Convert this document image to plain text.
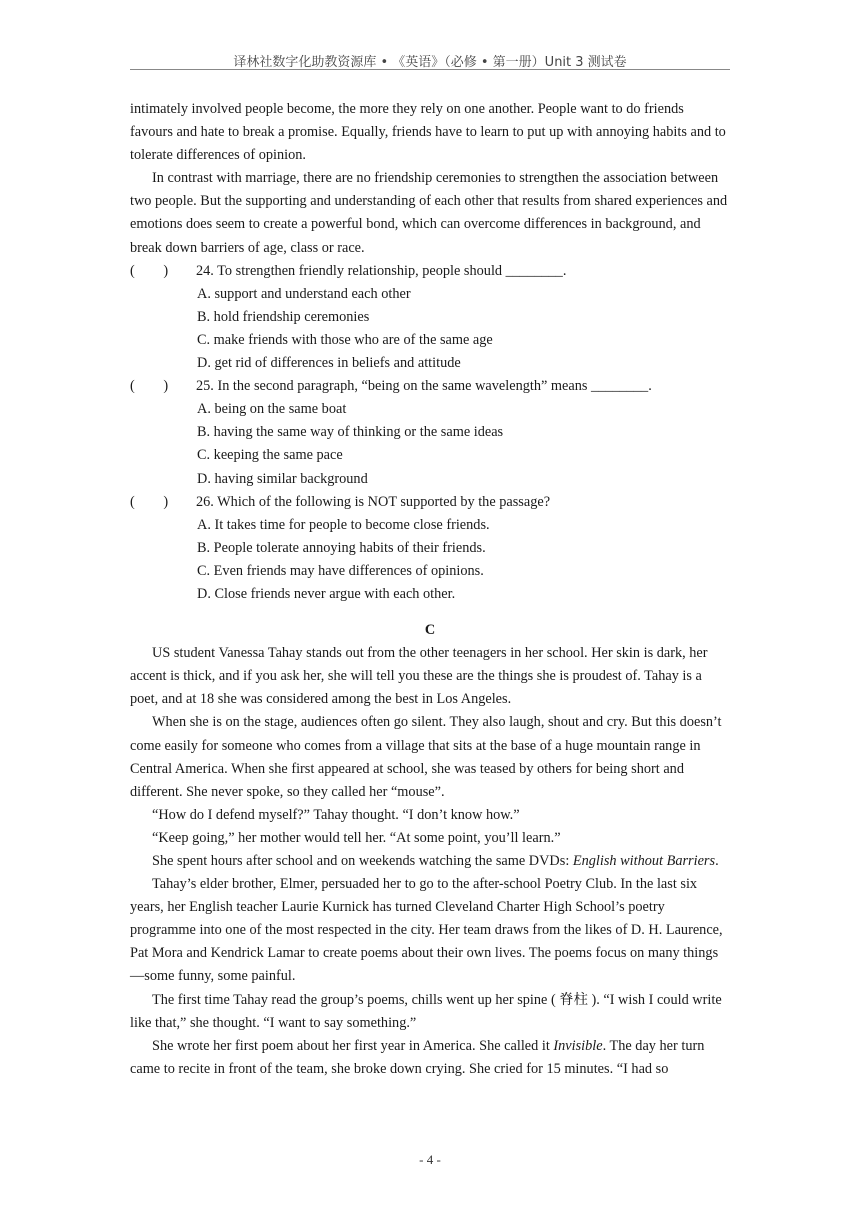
译林社数字化助教资源库 • 《英语》（必修 • 第一册）Unit 3 测试卷

intimately involved people become, the more they rely on one another. People want to do friends favours and hate to break a promise. Equally, friends have to learn to put up with annoying habits and to tolerate differences of opinion.

In contrast with marriage, there are no friendship ceremonies to strengthen the association between two people. But the supporting and understanding of each other that results from shared experiences and emotions does seem to create a powerful bond, which can overcome differences in background, and break down barriers of age, class or race.

(        )	24. To strengthen friendly relationship, people should ________.

A. support and understand each other

B. hold friendship ceremonies

C. make friends with those who are of the same age

D. get rid of differences in beliefs and attitude

(        )	25. In the second paragraph, “being on the same wavelength” means ________.

A. being on the same boat

B. having the same way of thinking or the same ideas

C. keeping the same pace

D. having similar background

(        )	26. Which of the following is NOT supported by the passage?

A. It takes time for people to become close friends.

B. People tolerate annoying habits of their friends.

C. Even friends may have differences of opinions.

D. Close friends never argue with each other.

C

US student Vanessa Tahay stands out from the other teenagers in her school. Her skin is dark, her accent is thick, and if you ask her, she will tell you these are the things she is proudest of. Tahay is a poet, and at 18 she was considered among the best in Los Angeles.

When she is on the stage, audiences often go silent. They also laugh, shout and cry. But this doesn’t come easily for someone who comes from a village that sits at the base of a huge mountain range in Central America. When she first appeared at school, she was teased by others for being short and different. She never spoke, so they called her “mouse”.

“How do I defend myself?” Tahay thought. “I don’t know how.”

“Keep going,” her mother would tell her. “At some point, you’ll learn.”

She spent hours after school and on weekends watching the same DVDs: English without Barriers.

Tahay’s elder brother, Elmer, persuaded her to go to the after-school Poetry Club. In the last six years, her English teacher Laurie Kurnick has turned Cleveland Charter High School’s poetry programme into one of the most respected in the city. Her team draws from the likes of D. H. Laurence, Pat Mora and Kendrick Lamar to create poems about their own lives. The poems focus on many things—some funny, some painful.

The first time Tahay read the group’s poems, chills went up her spine ( 脊柱 ). “I wish I could write like that,” she thought. “I want to say something.”

She wrote her first poem about her first year in America. She called it Invisible. The day her turn came to recite in front of the team, she broke down crying. She cried for 15 minutes. “I had so

- 4 -
